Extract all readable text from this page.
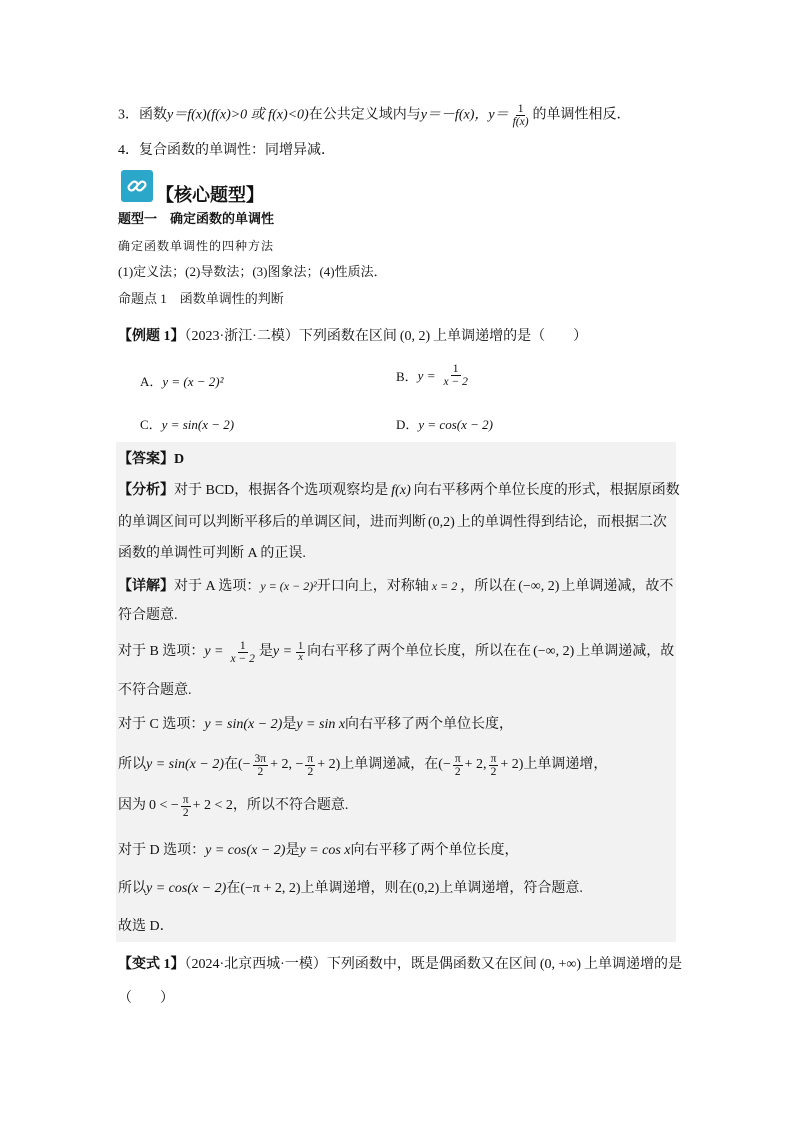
3．函数y＝f(x)(f(x)>0 或 f(x)<0)在公共定义域内与y＝－f(x)，$y= \frac{1}{f(x)}$ 的单调性相反．
4．复合函数的单调性：同增异减．
【核心题型】
题型一　确定函数的单调性
确定函数单调性的四种方法
(1)定义法；(2)导数法；(3)图象法；(4)性质法．
命题点 1　函数单调性的判断
【例题 1】（2023·浙江·二模）下列函数在区间 (0, 2) 上单调递增的是（　　）
A．y = (x − 2)²	B． $y = \frac{1}{x - 2}$
C．y = sin(x − 2)	D．y = cos(x − 2)
【答案】D
【分析】对于 BCD，根据各个选项观察均是 f(x) 向右平移两个单位长度的形式，根据原函数
的单调区间可以判断平移后的单调区间，进而判断 (0,2) 上的单调性得到结论，而根据二次
函数的单调性可判断 A 的正误.
【详解】对于 A 选项：y = (x − 2)²开口向上，对称轴 x = 2 ，所以在 (−∞, 2) 上单调递减，故不
符合题意.
对于 B 选项： $y = \frac{1}{x - 2}$ 是 $y = \frac{1}{x}$ 向右平移了两个单位长度，所以在在 (−∞, 2) 上单调递减，故
不符合题意.
对于 C 选项：y = sin(x − 2)是y = sin x向右平移了两个单位长度，
所以 y = sin(x − 2) 在 (− $\frac{3\pi}{2} + 2$, − $\frac{\pi}{2} + 2$) 上单调递减，在 (− $\frac{\pi}{2} + 2$, $\frac{\pi}{2} + 2$) 上单调递增，
因为 0 < − $\frac{\pi}{2} + 2 < 2$ ，所以不符合题意.
对于 D 选项：y = cos(x − 2)是y = cos x向右平移了两个单位长度，
所以y = cos(x − 2)在(−π + 2, 2)上单调递增，则在(0,2)上单调递增，符合题意.
故选 D．
【变式 1】（2024·北京西城·一模）下列函数中，既是偶函数又在区间 (0, +∞) 上单调递增的是
（　　）
